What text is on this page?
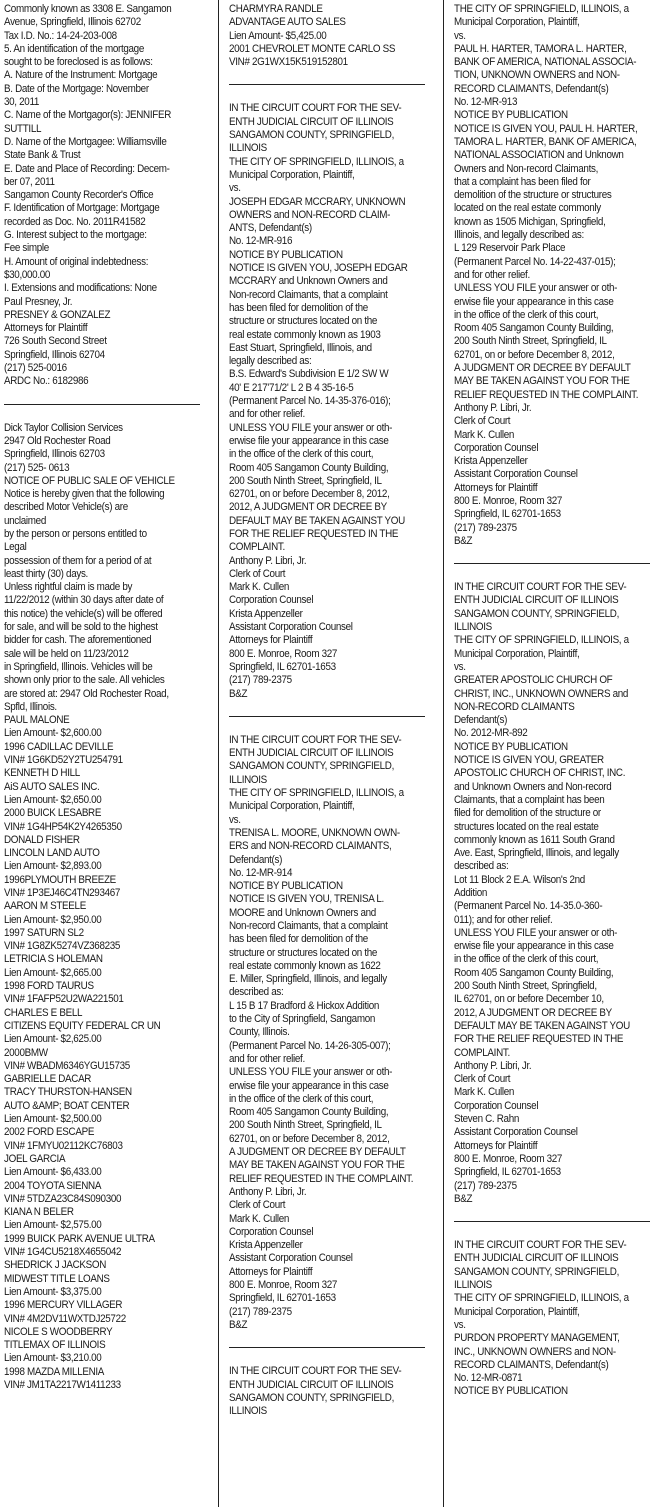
Commonly known as 3308 E. Sangamon
Avenue, Springfield, Illinois 62702
Tax I.D. No.: 14-24-203-008
5. An identification of the mortgage
sought to be foreclosed is as follows:
A. Nature of the Instrument: Mortgage
B. Date of the Mortgage: November
30, 2011
C. Name of the Mortgagor(s): JENNIFER
SUTTILL
D. Name of the Mortgagee: Williamsville
State Bank & Trust
E. Date and Place of Recording: Decem-
ber 07, 2011
Sangamon County Recorder's Office
F. Identification of Mortgage: Mortgage
recorded as Doc. No. 2011R41582
G. Interest subject to the mortgage:
Fee simple
H. Amount of original indebtedness:
$30,000.00
I. Extensions and modifications: None
Paul Presney, Jr.
PRESNEY & GONZALEZ
Attorneys for Plaintiff
726 South Second Street
Springfield, Illinois 62704
(217) 525-0016
ARDC No.: 6182986
Dick Taylor Collision Services
2947 Old Rochester Road
Springfield, Illinois 62703
(217) 525- 0613
NOTICE OF PUBLIC SALE OF VEHICLE
Notice is hereby given that the following
described Motor Vehicle(s) are
unclaimed
by the person or persons entitled to
Legal
possession of them for a period of at
least thirty (30) days.
Unless rightful claim is made by
11/22/2012 (within 30 days after date of
this notice) the vehicle(s) will be offered
for sale, and will be sold to the highest
bidder for cash. The aforementioned
sale will be held on 11/23/2012
in Springfield, Illinois. Vehicles will be
shown only prior to the sale. All vehicles
are stored at: 2947 Old Rochester Road,
Spfld, Illinois.
PAUL MALONE
Lien Amount- $2,600.00
1996 CADILLAC DEVILLE
VIN# 1G6KD52Y2TU254791
KENNETH D HILL
AiS AUTO SALES INC.
Lien Amount- $2,650.00
2000 BUICK LESABRE
VIN# 1G4HP54K2Y4265350
DONALD FISHER
LINCOLN LAND AUTO
Lien Amount- $2,893.00
1996PLYMOUTH BREEZE
VIN# 1P3EJ46C4TN293467
AARON M STEELE
Lien Amount- $2,950.00
1997 SATURN SL2
VIN# 1G8ZK5274VZ368235
LETRICIA S HOLEMAN
Lien Amount- $2,665.00
1998 FORD TAURUS
VIN# 1FAFP52U2WA221501
CHARLES E BELL
CITIZENS EQUITY FEDERAL CR UN
Lien Amount- $2,625.00
2000BMW
VIN# WBADM6346YGU15735
GABRIELLE DACAR
TRACY THURSTON-HANSEN
AUTO &AMP; BOAT CENTER
Lien Amount- $2,500.00
2002 FORD ESCAPE
VIN# 1FMYU02112KC76803
JOEL GARCIA
Lien Amount- $6,433.00
2004 TOYOTA SIENNA
VIN# 5TDZA23C84S090300
KIANA N BELER
Lien Amount- $2,575.00
1999 BUICK PARK AVENUE ULTRA
VIN# 1G4CU5218X4655042
SHEDRICK J JACKSON
MIDWEST TITLE LOANS
Lien Amount- $3,375.00
1996 MERCURY VILLAGER
VIN# 4M2DV11WXTDJ25722
NICOLE S WOODBERRY
TITLEMAX OF ILLINOIS
Lien Amount- $3,210.00
1998 MAZDA MILLENIA
VIN# JM1TA2217W1411233
CHARMYRA RANDLE
ADVANTAGE AUTO SALES
Lien Amount- $5,425.00
2001 CHEVROLET MONTE CARLO SS
VIN# 2G1WX15K519152801
IN THE CIRCUIT COURT FOR THE SEV-
ENTH JUDICIAL CIRCUIT OF ILLINOIS
SANGAMON COUNTY, SPRINGFIELD,
ILLINOIS
THE CITY OF SPRINGFIELD, ILLINOIS, a
Municipal Corporation, Plaintiff,
vs.
JOSEPH EDGAR MCCRARY, UNKNOWN
OWNERS and NON-RECORD CLAIM-
ANTS, Defendant(s)
No. 12-MR-916
NOTICE BY PUBLICATION
NOTICE IS GIVEN YOU, JOSEPH EDGAR
MCCRARY and Unknown Owners and
Non-record Claimants, that a complaint
has been filed for demolition of the
structure or structures located on the
real estate commonly known as 1903
East Stuart, Springfield, Illinois, and
legally described as:
B.S. Edward's Subdivision E 1/2 SW W
40' E 217'71/2' L 2 B 4 35-16-5
(Permanent Parcel No. 14-35-376-016);
and for other relief.
UNLESS YOU FILE your answer or oth-
erwise file your appearance in this case
in the office of the clerk of this court,
Room 405 Sangamon County Building,
200 South Ninth Street, Springfield, IL
62701, on or before December 8, 2012,
2012, A JUDGMENT OR DECREE BY
DEFAULT MAY BE TAKEN AGAINST YOU
FOR THE RELIEF REQUESTED IN THE
COMPLAINT.
Anthony P. Libri, Jr.
Clerk of Court
Mark K. Cullen
Corporation Counsel
Krista Appenzeller
Assistant Corporation Counsel
Attorneys for Plaintiff
800 E. Monroe, Room 327
Springfield, IL 62701-1653
(217) 789-2375
B&Z
IN THE CIRCUIT COURT FOR THE SEV-
ENTH JUDICIAL CIRCUIT OF ILLINOIS
SANGAMON COUNTY, SPRINGFIELD,
ILLINOIS
THE CITY OF SPRINGFIELD, ILLINOIS, a
Municipal Corporation, Plaintiff,
vs.
TRENISA L. MOORE, UNKNOWN OWN-
ERS and NON-RECORD CLAIMANTS,
Defendant(s)
No. 12-MR-914
NOTICE BY PUBLICATION
NOTICE IS GIVEN YOU, TRENISA L.
MOORE and Unknown Owners and
Non-record Claimants, that a complaint
has been filed for demolition of the
structure or structures located on the
real estate commonly known as 1622
E. Miller, Springfield, Illinois, and legally
described as:
L 15 B 17 Bradford & Hickox Addition
to the City of Springfield, Sangamon
County, Illinois.
(Permanent Parcel No. 14-26-305-007);
and for other relief.
UNLESS YOU FILE your answer or oth-
erwise file your appearance in this case
in the office of the clerk of this court,
Room 405 Sangamon County Building,
200 South Ninth Street, Springfield, IL
62701, on or before December 8, 2012,
A JUDGMENT OR DECREE BY DEFAULT
MAY BE TAKEN AGAINST YOU FOR THE
RELIEF REQUESTED IN THE COMPLAINT.
Anthony P. Libri, Jr.
Clerk of Court
Mark K. Cullen
Corporation Counsel
Krista Appenzeller
Assistant Corporation Counsel
Attorneys for Plaintiff
800 E. Monroe, Room 327
Springfield, IL 62701-1653
(217) 789-2375
B&Z
IN THE CIRCUIT COURT FOR THE SEV-
ENTH JUDICIAL CIRCUIT OF ILLINOIS
SANGAMON COUNTY, SPRINGFIELD,
ILLINOIS
THE CITY OF SPRINGFIELD, ILLINOIS, a
Municipal Corporation, Plaintiff,
vs.
PAUL H. HARTER, TAMORA L. HARTER,
BANK OF AMERICA, NATIONAL ASSOCIA-
TION, UNKNOWN OWNERS and NON-
RECORD CLAIMANTS, Defendant(s)
No. 12-MR-913
NOTICE BY PUBLICATION
NOTICE IS GIVEN YOU, PAUL H. HARTER,
TAMORA L. HARTER, BANK OF AMERICA,
NATIONAL ASSOCIATION and Unknown
Owners and Non-record Claimants,
that a complaint has been filed for
demolition of the structure or structures
located on the real estate commonly
known as 1505 Michigan, Springfield,
Illinois, and legally described as:
L 129 Reservoir Park Place
(Permanent Parcel No. 14-22-437-015);
and for other relief.
UNLESS YOU FILE your answer or oth-
erwise file your appearance in this case
in the office of the clerk of this court,
Room 405 Sangamon County Building,
200 South Ninth Street, Springfield, IL
62701, on or before December 8, 2012,
A JUDGMENT OR DECREE BY DEFAULT
MAY BE TAKEN AGAINST YOU FOR THE
RELIEF REQUESTED IN THE COMPLAINT.
Anthony P. Libri, Jr.
Clerk of Court
Mark K. Cullen
Corporation Counsel
Krista Appenzeller
Assistant Corporation Counsel
Attorneys for Plaintiff
800 E. Monroe, Room 327
Springfield, IL 62701-1653
(217) 789-2375
B&Z
IN THE CIRCUIT COURT FOR THE SEV-
ENTH JUDICIAL CIRCUIT OF ILLINOIS
SANGAMON COUNTY, SPRINGFIELD,
ILLINOIS
THE CITY OF SPRINGFIELD, ILLINOIS, a
Municipal Corporation, Plaintiff,
vs.
GREATER APOSTOLIC CHURCH OF
CHRIST, INC., UNKNOWN OWNERS and
NON-RECORD CLAIMANTS
Defendant(s)
No. 2012-MR-892
NOTICE BY PUBLICATION
NOTICE IS GIVEN YOU, GREATER
APOSTOLIC CHURCH OF CHRIST, INC.
and Unknown Owners and Non-record
Claimants, that a complaint has been
filed for demolition of the structure or
structures located on the real estate
commonly known as 1611 South Grand
Ave. East, Springfield, Illinois, and legally
described as:
Lot 11 Block 2 E.A. Wilson's 2nd
Addition
(Permanent Parcel No. 14-35.0-360-
011); and for other relief.
UNLESS YOU FILE your answer or oth-
erwise file your appearance in this case
in the office of the clerk of this court,
Room 405 Sangamon County Building,
200 South Ninth Street, Springfield,
IL 62701, on or before December 10,
2012, A JUDGMENT OR DECREE BY
DEFAULT MAY BE TAKEN AGAINST YOU
FOR THE RELIEF REQUESTED IN THE
COMPLAINT.
Anthony P. Libri, Jr.
Clerk of Court
Mark K. Cullen
Corporation Counsel
Steven C. Rahn
Assistant Corporation Counsel
Attorneys for Plaintiff
800 E. Monroe, Room 327
Springfield, IL 62701-1653
(217) 789-2375
B&Z
IN THE CIRCUIT COURT FOR THE SEV-
ENTH JUDICIAL CIRCUIT OF ILLINOIS
SANGAMON COUNTY, SPRINGFIELD,
ILLINOIS
THE CITY OF SPRINGFIELD, ILLINOIS, a
Municipal Corporation, Plaintiff,
vs.
PURDON PROPERTY MANAGEMENT,
INC., UNKNOWN OWNERS and NON-
RECORD CLAIMANTS, Defendant(s)
No. 12-MR-0871
NOTICE BY PUBLICATION
